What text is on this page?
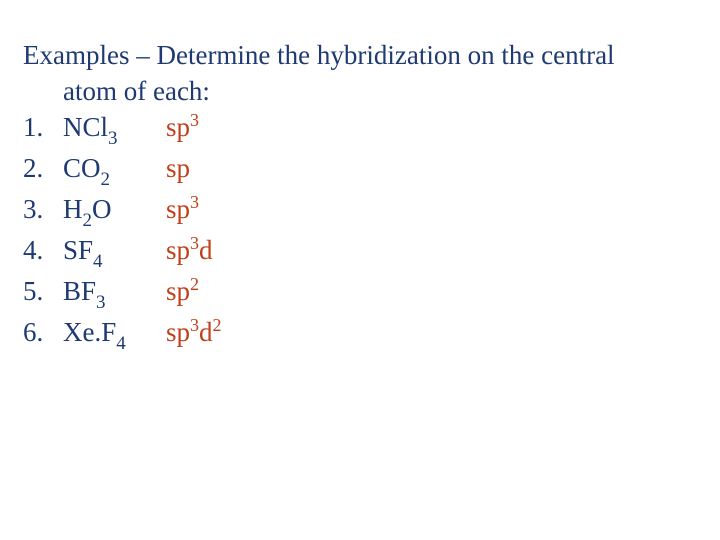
Examples – Determine the hybridization on the central
atom of each:
1. NCl$_3$ $sp^3$
2. $CO_2$ sp
3. $H_2O$ $sp^3$
4. $SF_4$ $sp^3d$
5. $BF_3$ $sp^2$
6. $Xe.F_4$ $sp^3d^2$
